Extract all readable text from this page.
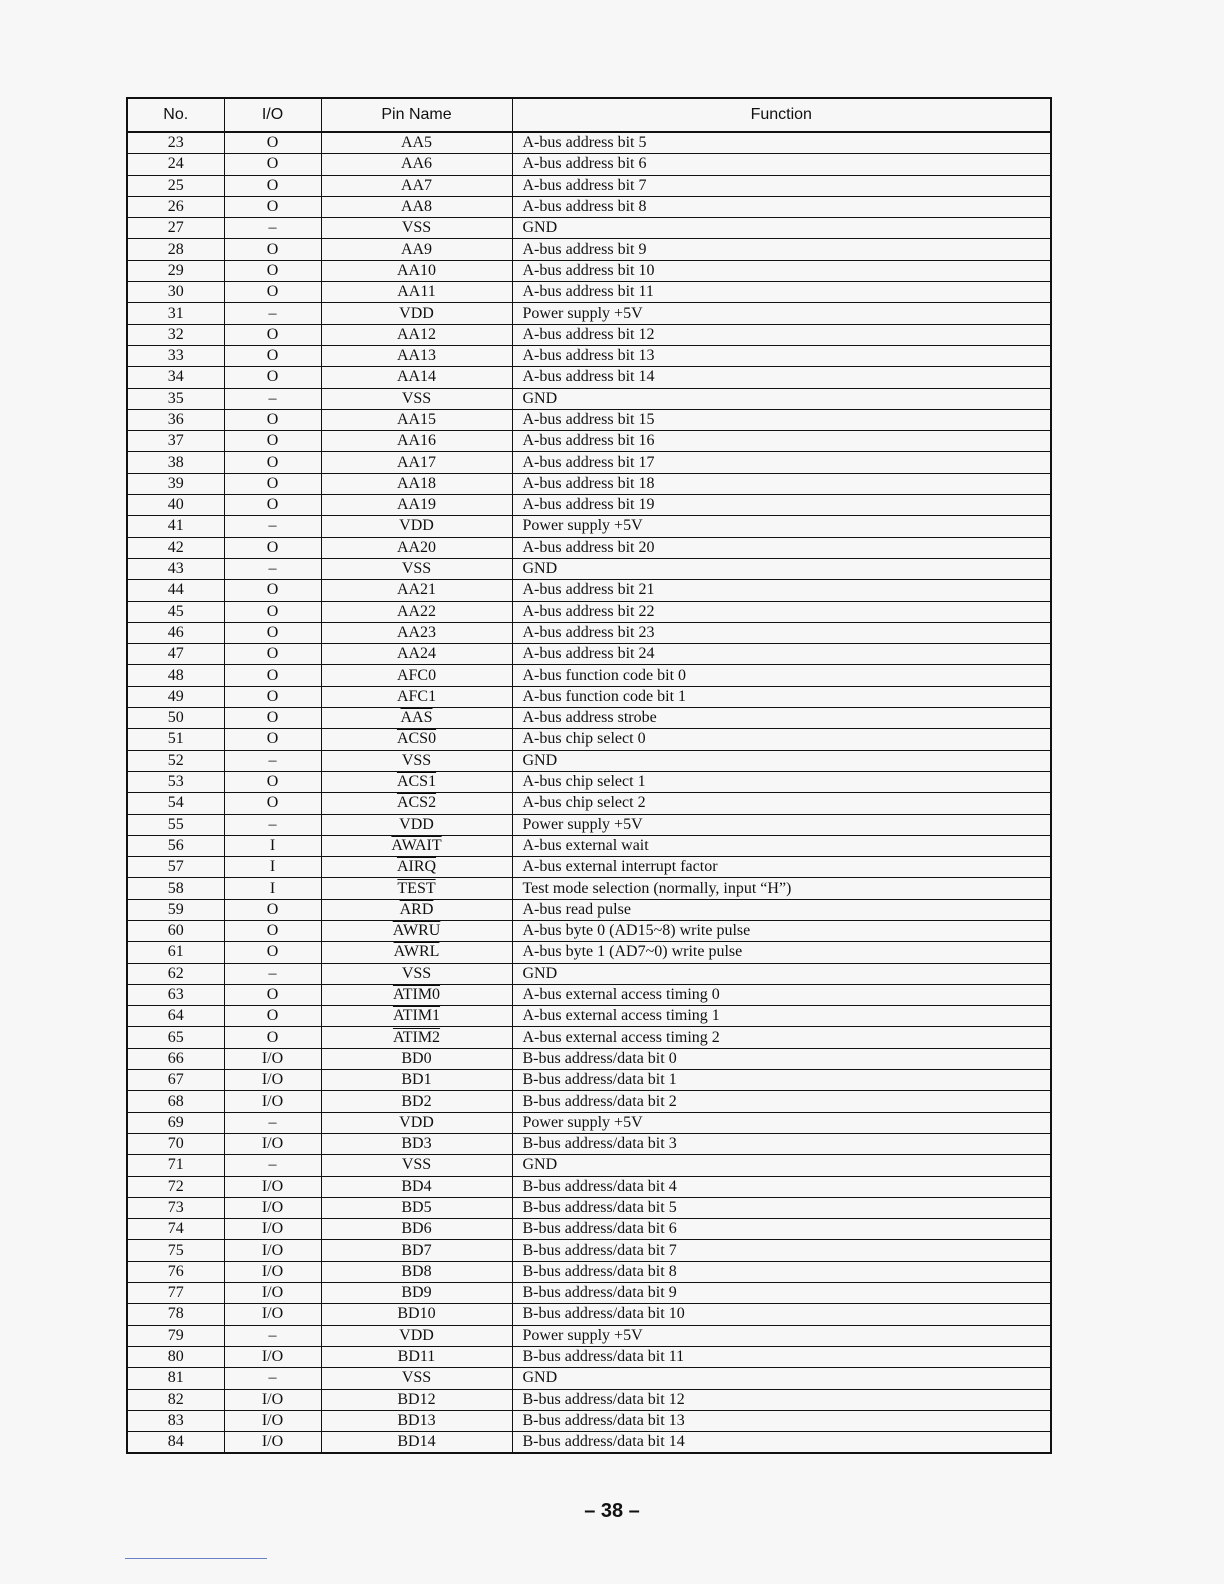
No.	I/O	Pin Name	Function
23	O	AA5	A-bus address bit 5
24	O	AA6	A-bus address bit 6
25	O	AA7	A-bus address bit 7
26	O	AA8	A-bus address bit 8
27	–	VSS	GND
28	O	AA9	A-bus address bit 9
29	O	AA10	A-bus address bit 10
30	O	AA11	A-bus address bit 11
31	–	VDD	Power supply +5V
32	O	AA12	A-bus address bit 12
33	O	AA13	A-bus address bit 13
34	O	AA14	A-bus address bit 14
35	–	VSS	GND
36	O	AA15	A-bus address bit 15
37	O	AA16	A-bus address bit 16
38	O	AA17	A-bus address bit 17
39	O	AA18	A-bus address bit 18
40	O	AA19	A-bus address bit 19
41	–	VDD	Power supply +5V
42	O	AA20	A-bus address bit 20
43	–	VSS	GND
44	O	AA21	A-bus address bit 21
45	O	AA22	A-bus address bit 22
46	O	AA23	A-bus address bit 23
47	O	AA24	A-bus address bit 24
48	O	AFC0	A-bus function code bit 0
49	O	AFC1	A-bus function code bit 1
50	O	$\overline{AAS}$	A-bus address strobe
51	O	ACS0	A-bus chip select 0
52	–	VSS	GND
53	O	ACS1	A-bus chip select 1
54	O	ACS2	A-bus chip select 2
55	–	VDD	Power supply +5V
56	I	AWAIT	A-bus external wait
57	I	AIRQ	A-bus external interrupt factor
58	I	TEST	Test mode selection (normally, input “H”)
59	O	$\overline{ARD}$	A-bus read pulse
60	O	AWRU	A-bus byte 0 (AD15~8) write pulse
61	O	AWRL	A-bus byte 1 (AD7~0) write pulse
62	–	VSS	GND
63	O	ATIM0	A-bus external access timing 0
64	O	ATIM1	A-bus external access timing 1
65	O	ATIM2	A-bus external access timing 2
66	I/O	BD0	B-bus address/data bit 0
67	I/O	BD1	B-bus address/data bit 1
68	I/O	BD2	B-bus address/data bit 2
69	–	VDD	Power supply +5V
70	I/O	BD3	B-bus address/data bit 3
71	–	VSS	GND
72	I/O	BD4	B-bus address/data bit 4
73	I/O	BD5	B-bus address/data bit 5
74	I/O	BD6	B-bus address/data bit 6
75	I/O	BD7	B-bus address/data bit 7
76	I/O	BD8	B-bus address/data bit 8
77	I/O	BD9	B-bus address/data bit 9
78	I/O	BD10	B-bus address/data bit 10
79	–	VDD	Power supply +5V
80	I/O	BD11	B-bus address/data bit 11
81	–	VSS	GND
82	I/O	BD12	B-bus address/data bit 12
83	I/O	BD13	B-bus address/data bit 13
84	I/O	BD14	B-bus address/data bit 14
– 38 –
